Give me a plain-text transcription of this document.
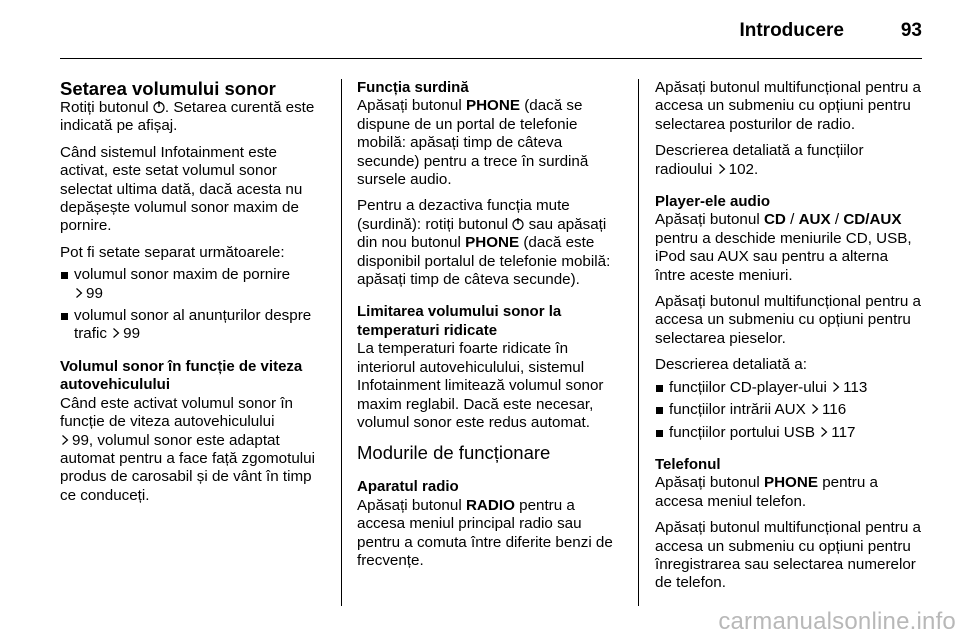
Introducere	93
Setarea volumului sonor

Rotiți butonul . Setarea curentă este indicată pe afișaj.

Când sistemul Infotainment este activat, este setat volumul sonor selectat ultima dată, dacă acesta nu depășește volumul sonor maxim de pornire.

Pot fi setate separat următoarele:

volumul sonor maxim de pornire
99
volumul sonor al anunțurilor despre trafic 99
Volumul sonor în funcție de viteza autovehiculului

Când este activat volumul sonor în funcție de viteza autovehiculului
99, volumul sonor este adaptat automat pentru a face față zgomotului produs de carosabil și de vânt în timp ce conduceți.

Funcția surdină

Apăsați butonul PHONE (dacă se dispune de un portal de telefonie mobilă: apăsați timp de câteva secunde) pentru a trece în surdină sursele audio.

Pentru a dezactiva funcția mute (surdină): rotiți butonul sau apăsați din nou butonul PHONE (dacă este disponibil portalul de telefonie mobilă: apăsați timp de câteva secunde).

Limitarea volumului sonor la temperaturi ridicate

La temperaturi foarte ridicate în interiorul autovehiculului, sistemul Infotainment limitează volumul sonor maxim reglabil. Dacă este necesar, volumul sonor este redus automat.

Modurile de funcționare
Aparatul radio

Apăsați butonul RADIO pentru a accesa meniul principal radio sau pentru a comuta între diferite benzi de frecvențe.

Apăsați butonul multifuncțional pentru a accesa un submeniu cu opțiuni pentru selectarea posturilor de radio.

Descrierea detaliată a funcțiilor radioului 102.

Player-ele audio

Apăsați butonul CD / AUX / CD/AUX pentru a deschide meniurile CD, USB, iPod sau AUX sau pentru a alterna între aceste meniuri.

Apăsați butonul multifuncțional pentru a accesa un submeniu cu opțiuni pentru selectarea pieselor.

Descrierea detaliată a:

funcțiilor CD-player-ului 113
funcțiilor intrării AUX 116
funcțiilor portului USB 117
Telefonul

Apăsați butonul PHONE pentru a accesa meniul telefon.

Apăsați butonul multifuncțional pentru a accesa un submeniu cu opțiuni pentru înregistrarea sau selectarea numerelor de telefon.

carmanualsonline.info
